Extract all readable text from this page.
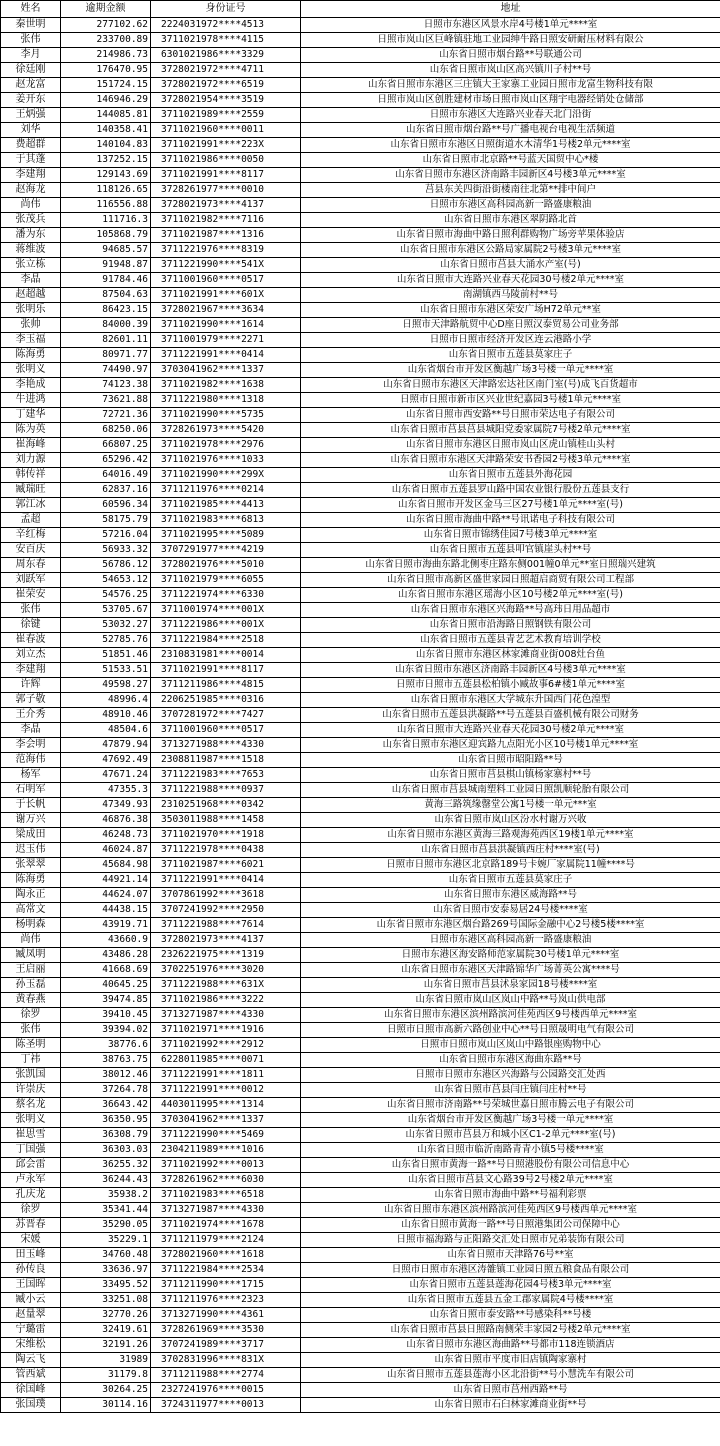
姓名	逾期金额	身份证号	地址
秦世明	277102.62	2224031972****4513	日照市东港区风景水岸4号楼1单元****室
张伟	233700.89	3711021978****4115	日照市岚山区巨峰镇驻地工业园绅牛路日照安研耐压材料有限公
李月	214986.73	6301021986****3329	山东省日照市烟台路**号联通公司
徐廷刚	176470.95	3728021972****4711	山东省日照市岚山区高兴镇川子村**号
赵龙富	151724.15	3728021972****6519	山东省日照市东港区三庄镇大王家寨工业园日照市龙富生物科技有限
姜开东	146946.29	3728021954****3519	日照市岚山区创胜建材市场日照市岚山区翔宇电器经销处仓储部
王炳强	144085.81	3711021989****2559	日照市东港区大连路兴业春天北门沿街
刘华	140358.41	3711021960****0011	山东省日照市烟台路**号广播电视台电视生活频道
费超群	140104.83	3711021991****223X	山东省日照市东港区日照街道水木清华1号楼2单元****室
于其蓬	137252.15	3711021986****0050	山东省日照市北京路**号蓝天国贸中心*楼
李建翔	129143.69	3711021991****8117	山东省日照市东港区济南路丰园新区4号楼3单元****室
赵海龙	118126.65	3728261977****0010	莒县东关四街沿街楼南往北第**排中间户
尚伟	116556.88	3728021973****4137	日照市东港区高科园高新一路盛康粮油
张茂兵	111716.3	3711021982****7116	山东省日照市东港区翠阴路北首
潘为东	105868.79	3711021987****1316	山东省日照市海曲中路日照利群购物广场旁苹果体验店
蒋维波	94685.57	3711221976****8319	山东省日照市东港区公路局家属院2号楼3单元****室
张立栋	91948.87	3711221990****541X	山东省日照市莒县大涌水产室(号)
李晶	91784.46	3711001960****0517	山东省日照市大连路兴业春天花园30号楼2单元****室
赵超越	87504.63	3711021991****601X	南湖镇西马陵前村**号
张明乐	86423.15	3728021967****3634	山东省日照市东港区荣安广场H72单元**室
张帅	84000.39	3711021990****1614	日照市天津路航贸中心D座日照汉泰贸易公司业务部
李玉福	82601.11	3711001979****2271	日照市日照市经济开发区连云港路小学
陈海勇	80971.77	3711221991****0414	山东省日照市五莲县莫家庄子
张明义	74490.97	3703041962****1337	山东省烟台市开发区衡越广场3号楼一单元****室
李艳成	74123.38	3711021982****1638	山东省日照市东港区天津路宏达社区南门室(号)成飞百货超市
牛进鸿	73621.88	3711221980****1318	日照市日照市新市区兴业世纪嘉园3号楼1单元****室
丁建华	72721.36	3711021990****5735	山东省日照市西安路**号日照市荣达电子有限公司
陈为英	68250.06	3728261973****5420	山东省日照市莒县莒县城阳党委家属院7号楼2单元****室
崔海峰	66807.25	3711021978****2976	山东省日照市东港区日照市岚山区虎山镇桂山头村
刘力源	65296.42	3711021976****1033	山东省日照市东港区天津路荣安书香园2号楼3单元****室
韩传祥	64016.49	3711021990****299X	山东省日照市五莲县外海花园
臧瑞旺	62837.16	3711211976****0214	山东省日照市五莲县罗山路中国农业银行股份五莲县支行
郭江冰	60596.34	3711021985****4413	山东省日照市开发区金马三区27号楼1单元****室(号)
孟超	58175.79	3711021983****6813	山东省日照市海曲中路**号讯诺电子科技有限公司
辛红梅	57216.04	3711021995****5089	山东省日照市锦绣佳园7号楼3单元****室
安百庆	56933.32	3707291977****4219	山东省日照市五莲县叩官镇崖头村**号
周东春	56786.12	3728021976****5010	山东省日照市海曲东路北侧枣庄路东侧001幢0单元**室日照瑞兴建筑
刘跃军	54653.12	3711021979****6055	山东省日照市高新区盛世家园日照超启商贸有限公司工程部
崔荣安	54576.25	3711221974****6330	山东省日照市东港区瑶海小区10号楼2单元****室(号)
张伟	53705.67	3711001974****001X	山东省日照市东港区兴海路**号高玮日用品超市
徐键	53032.27	3711221986****001X	山东省日照市沿海路日照钢铁有限公司
崔春波	52785.76	3711221984****2518	山东省日照市五莲县青艺艺术教育培训学校
刘立杰	51851.46	2310831981****0014	山东省日照市东港区林家滩商业街008灶台鱼
李建翔	51533.51	3711021991****8117	山东省日照市东港区济南路丰园新区4号楼3单元****室
许辉	49598.27	3711211986****4815	日照市日照市五莲县松柏镇小臧故事6#楼1单元****室
郭子敬	48996.4	2206251985****0316	山东省日照市东港区大学城东升国西门花色湟型
王介秀	48910.46	3707281972****7427	山东省日照市五莲县洪凝路**号五莲县百盛机械有限公司财务
李晶	48504.6	3711001960****0517	山东省日照市大连路兴业春天花园30号楼2单元****室
李会明	47879.94	3713271988****4330	山东省日照市东港区迎宾路九点阳光小区10号楼1单元****室
范海伟	47692.49	2308811987****1518	山东省日照市昭阳路**号
杨军	47671.24	3711221983****7653	山东省日照市莒县棋山镇杨家寨村**号
石明军	47355.3	3711221988****0937	山东省日照市莒县城南塑料工业园日照凯顺轮胎有限公司
于长帆	47349.93	2310251968****0342	黄海三路筑缘罄堂公寓1号楼一单元***室
谢万兴	46876.38	3503011988****1458	山东省日照市岚山区汾水村谢万兴收
梁成田	46248.73	3711021970****1918	山东省日照市东港区黄海三路观海苑西区19楼1单元****室
迟玉伟	46024.87	3711221978****0438	山东省日照市莒县洪凝镇西庄村****室(号)
张翠翠	45684.98	3711021987****6021	日照市日照市东港区北京路189号卡婉厂家属院11幢****号
陈海勇	44921.14	3711221991****0414	山东省日照市五莲县莫家庄子
陶永正	44624.07	3707861992****3618	山东省日照市东港区威海路**号
高常文	44438.15	3707241992****2950	山东省日照市安泰易居24号楼****室
杨明森	43919.71	3711221988****7614	山东省日照市东港区烟台路269号国际金融中心2号楼5楼****室
尚伟	43660.9	3728021973****4137	日照市东港区高科园高新一路盛康粮油
臧凤明	43486.28	2326221975****1319	日照市东港区海安路师范家属院30号楼1单元****室
王启丽	41668.69	3702251976****3020	山东省日照市东港区天津路锦华广场菁英公寓****号
孙玉磊	40645.25	3711221988****631X	山东省日照市莒县沭泉家园18号楼****室
黄春燕	39474.85	3711021986****3222	山东省日照市岚山区岚山中路**号岚山供电部
徐罗	39410.45	3713271987****4330	山东省日照市东港区滨州路滨河佳苑西区9号楼西单元****室
张伟	39394.02	3711021971****1916	日照市日照市高新六路创业中心**号日照晟明电气有限公司
陈圣明	38776.6	3711021992****2912	日照市日照市岚山区岚山中路银座购物中心
丁祎	38763.75	6228011985****0071	山东省日照市东港区海曲东路**号
张凯国	38012.46	3711221991****1811	日照市日照市东港区兴海路与公园路交汇处西
许崇庆	37264.78	3711221991****0012	山东省日照市莒县闫庄镇闫庄村**号
蔡名龙	36643.42	4403011995****1314	山东省日照市济南路**号荣城世嘉日照市腾云电子有限公司
张明义	36350.95	3703041962****1337	山东省烟台市开发区衡越广场3号楼一单元****室
崔思雪	36308.79	3711221990****5469	山东省日照市莒县万和城小区C1-2单元****室(号)
丁国强	36303.03	2304211989****1016	山东省日照市临沂南路青青小镇5号楼****室
邱会雷	36255.32	3711021992****0013	山东省日照市黄海一路**号日照港股份有限公司信息中心
卢永军	36244.43	3728261962****6030	山东省日照市莒县文心路39号2号楼2单元****室
孔庆龙	35938.2	3711021983****6518	山东省日照市海曲中路**号福利彩票
徐罗	35341.44	3713271987****4330	山东省日照市东港区滨州路滨河佳苑西区9号楼西单元****室
苏晋春	35290.05	3711021974****1678	山东省日照市黄海一路**号日照港集团公司保障中心
宋媛	35229.1	3711211979****2124	日照市福海路与正阳路交汇处日照市兄弟装饰有限公司
田玉峰	34760.48	3728021960****1618	山东省日照市天津路76号**室
孙传良	33636.97	3711221984****2534	日照市日照市东港区涛雒镇工业园日照五粮食品有限公司
王国晖	33495.52	3711211990****1715	山东省日照市五莲县莲海花园4号楼3单元****室
臧小云	33251.08	3711211976****2323	山东省日照市五莲县五金工郡家属院4号楼****室
赵量翠	32770.26	3713271990****4361	山东省日照市泰安路**号感染科**号楼
宁璐雷	32419.61	3728261969****3530	山东省日照市莒县日照路南侧荣丰家园2号楼2单元****室
宋维松	32191.26	3707241989****3717	山东省日照市东港区海曲路**号都市118连锁酒店
陶云飞	31989	3702831996****831X	山东省日照市平度市旧店镇陶家寨村
管西斌	31179.8	3711211988****2774	山东省日照市五莲县莲海小区北沿街**号小慧洗车有限公司
徐国峰	30264.25	2327241976****0015	山东省日照市莒州西路**号
张国璞	30114.16	3724311977****0013	山东省日照市石臼林家滩商业街**号
